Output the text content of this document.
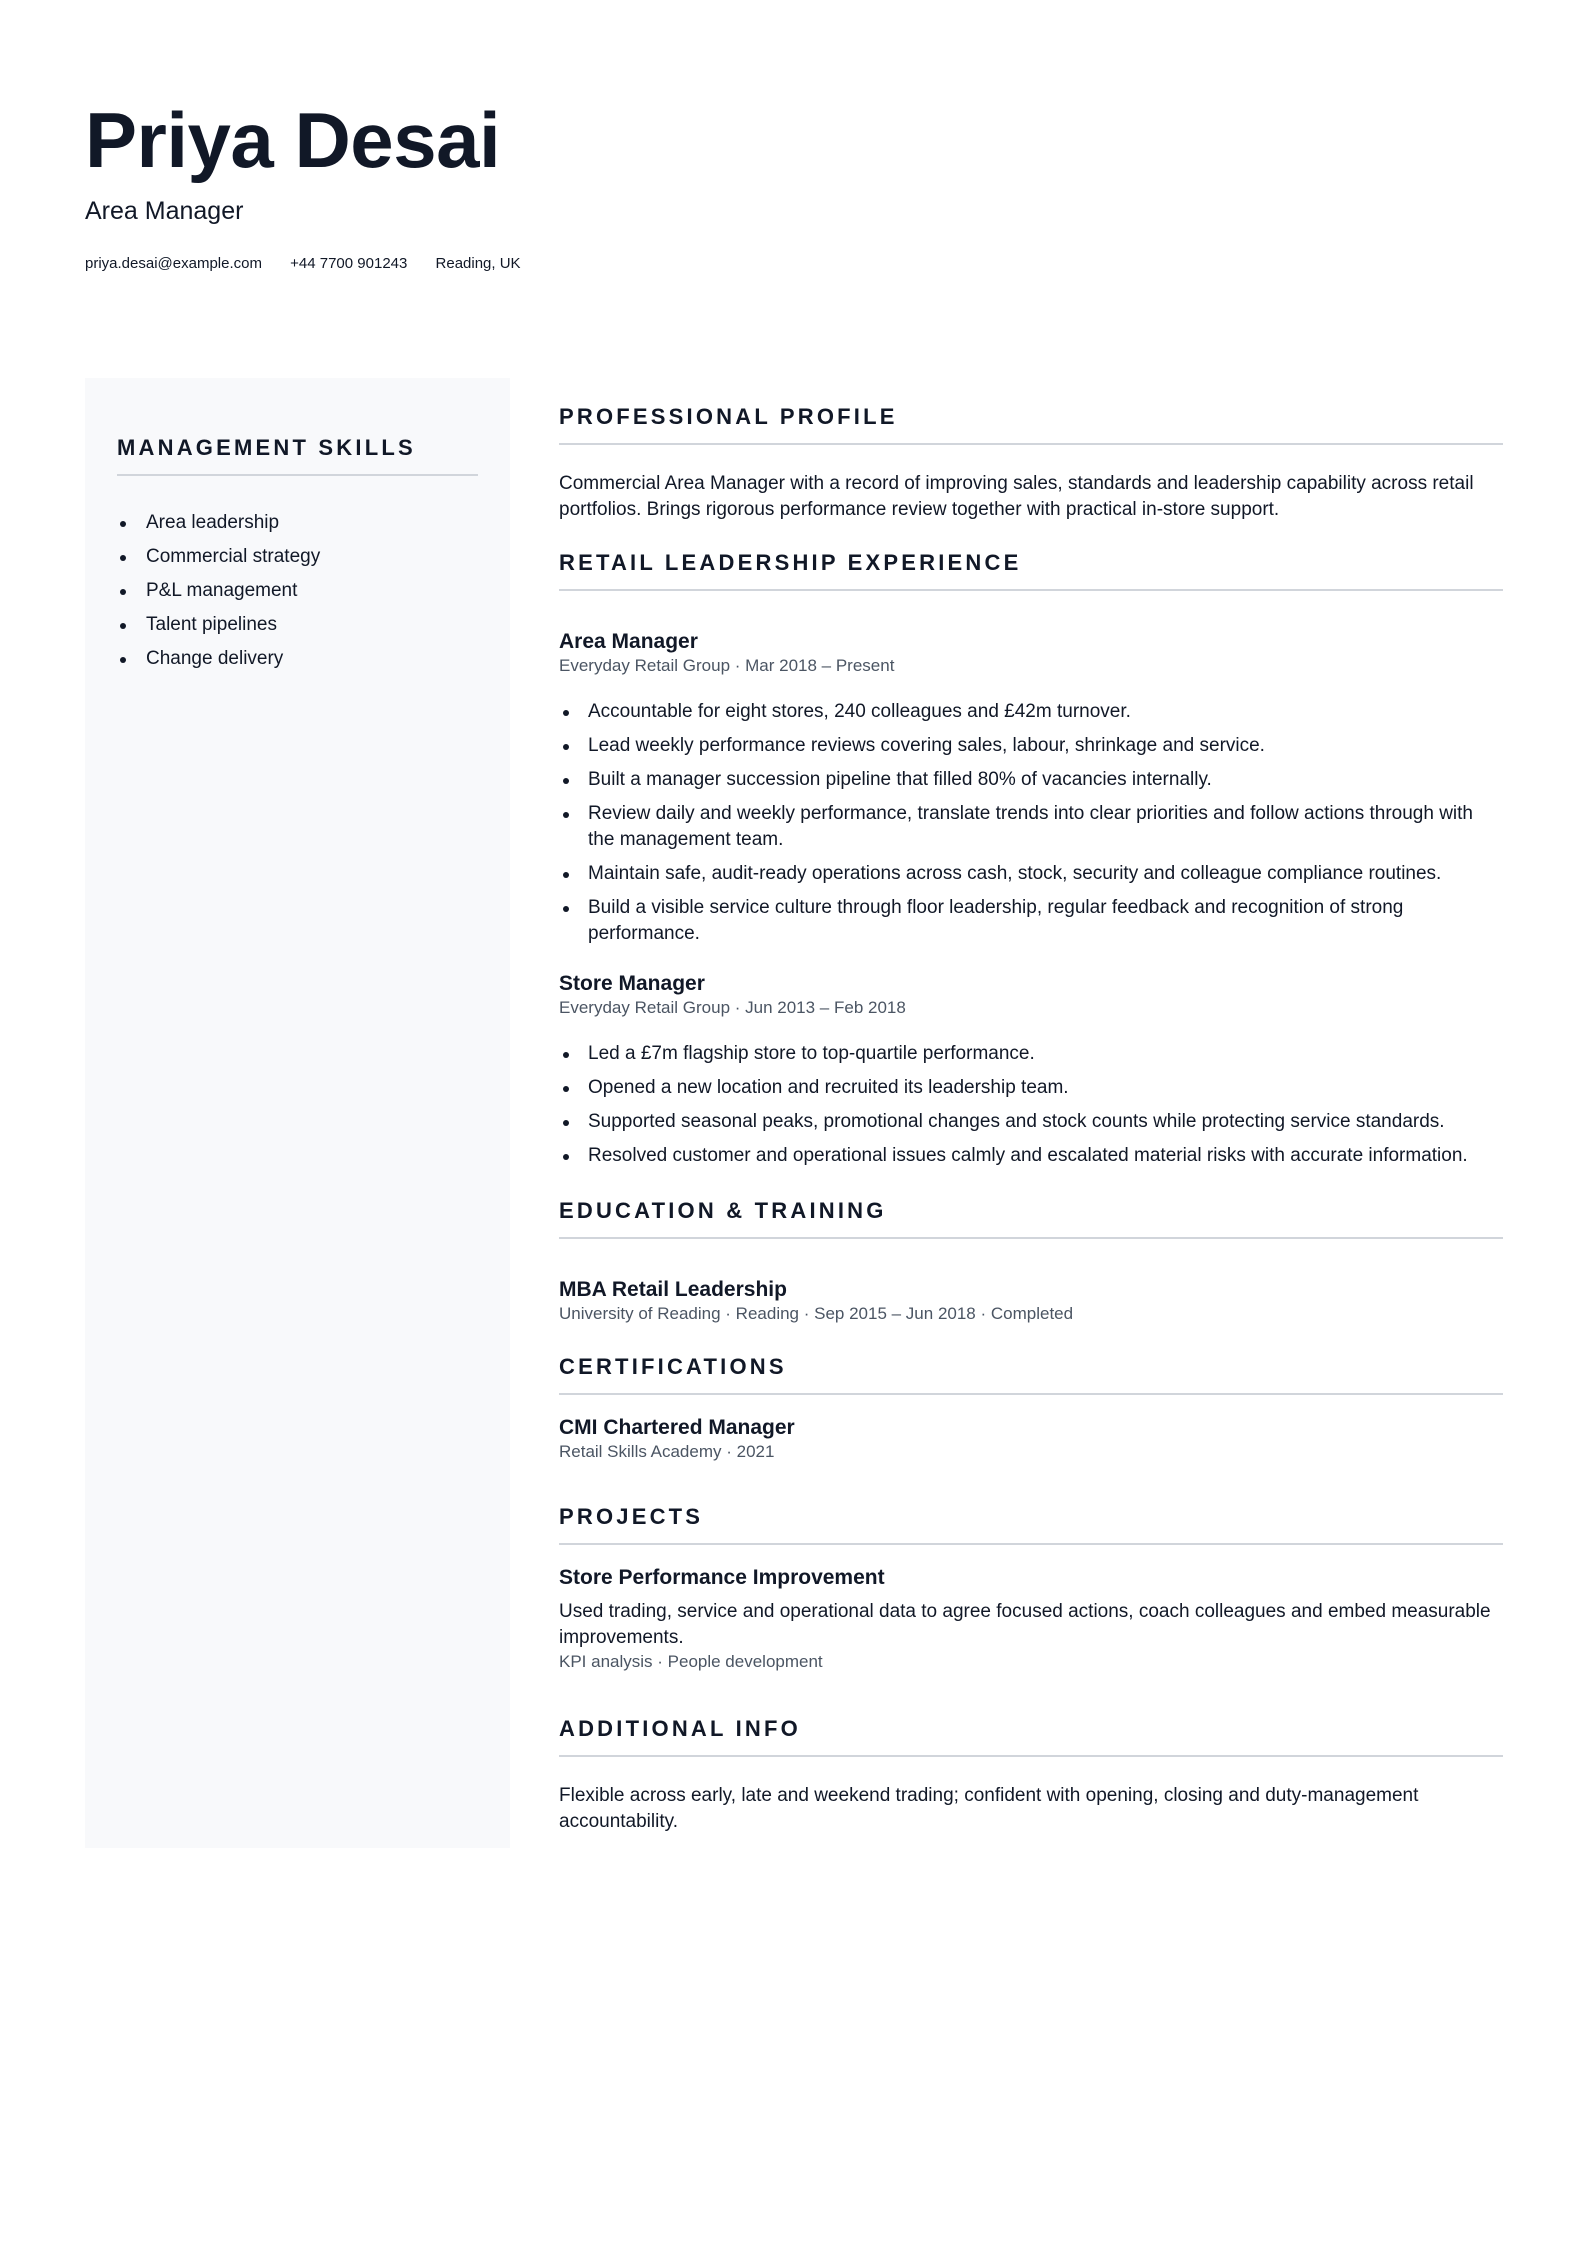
Priya Desai
Area Manager
priya.desai@example.com +44 7700 901243 Reading, UK
MANAGEMENT SKILLS
Area leadership
Commercial strategy
P&L management
Talent pipelines
Change delivery
PROFESSIONAL PROFILE

Commercial Area Manager with a record of improving sales, standards and leadership capability across retail portfolios. Brings rigorous performance review together with practical in-store support.

RETAIL LEADERSHIP EXPERIENCE
Area Manager

Everyday Retail Group · Mar 2018 – Present

Accountable for eight stores, 240 colleagues and £42m turnover.
Lead weekly performance reviews covering sales, labour, shrinkage and service.
Built a manager succession pipeline that filled 80% of vacancies internally.
Review daily and weekly performance, translate trends into clear priorities and follow actions through with the management team.
Maintain safe, audit-ready operations across cash, stock, security and colleague compliance routines.
Build a visible service culture through floor leadership, regular feedback and recognition of strong performance.
Store Manager

Everyday Retail Group · Jun 2013 – Feb 2018

Led a £7m flagship store to top-quartile performance.
Opened a new location and recruited its leadership team.
Supported seasonal peaks, promotional changes and stock counts while protecting service standards.
Resolved customer and operational issues calmly and escalated material risks with accurate information.
EDUCATION & TRAINING
MBA Retail Leadership

University of Reading · Reading · Sep 2015 – Jun 2018 · Completed

CERTIFICATIONS
CMI Chartered Manager

Retail Skills Academy · 2021

PROJECTS
Store Performance Improvement

Used trading, service and operational data to agree focused actions, coach colleagues and embed measurable improvements.

KPI analysis · People development

ADDITIONAL INFO

Flexible across early, late and weekend trading; confident with opening, closing and duty-management accountability.
